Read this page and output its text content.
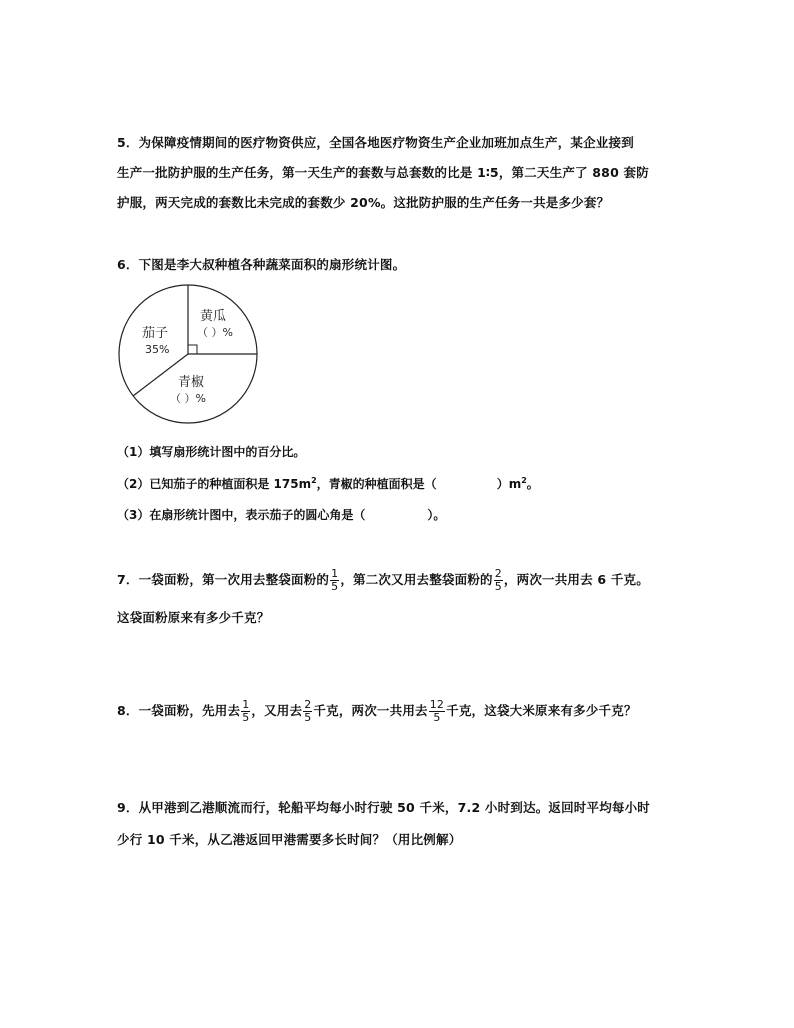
5．为保障疫情期间的医疗物资供应，全国各地医疗物资生产企业加班加点生产，某企业接到
生产一批防护服的生产任务，第一天生产的套数与总套数的比是 1∶5，第二天生产了 880 套防
护服，两天完成的套数比未完成的套数少 20%。这批防护服的生产任务一共是多少套？
6．下图是李大叔种植各种蔬菜面积的扇形统计图。
黄瓜
（ ）%
茄子
35%
青椒
（ ）%
（1）填写扇形统计图中的百分比。
（2）已知茄子的种植面积是 $175m^2$，青椒的种植面积是（	）$m^2$。
（3）在扇形统计图中，表示茄子的圆心角是（	）。
7．一袋面粉，第一次用去整袋面粉的 $\frac{1}{5}$ ，第二次又用去整袋面粉的 $\frac{2}{5}$ ，两次一共用去 6 千克。
这袋面粉原来有多少千克？
8．一袋面粉，先用去 $\frac{1}{5}$ ，又用去 $\frac{2}{5}$ 千克，两次一共用去 $\frac{12}{5}$ 千克，这袋大米原来有多少千克？
9．从甲港到乙港顺流而行，轮船平均每小时行驶 50 千米，7.2 小时到达。返回时平均每小时
少行 10 千米，从乙港返回甲港需要多长时间？（用比例解）
